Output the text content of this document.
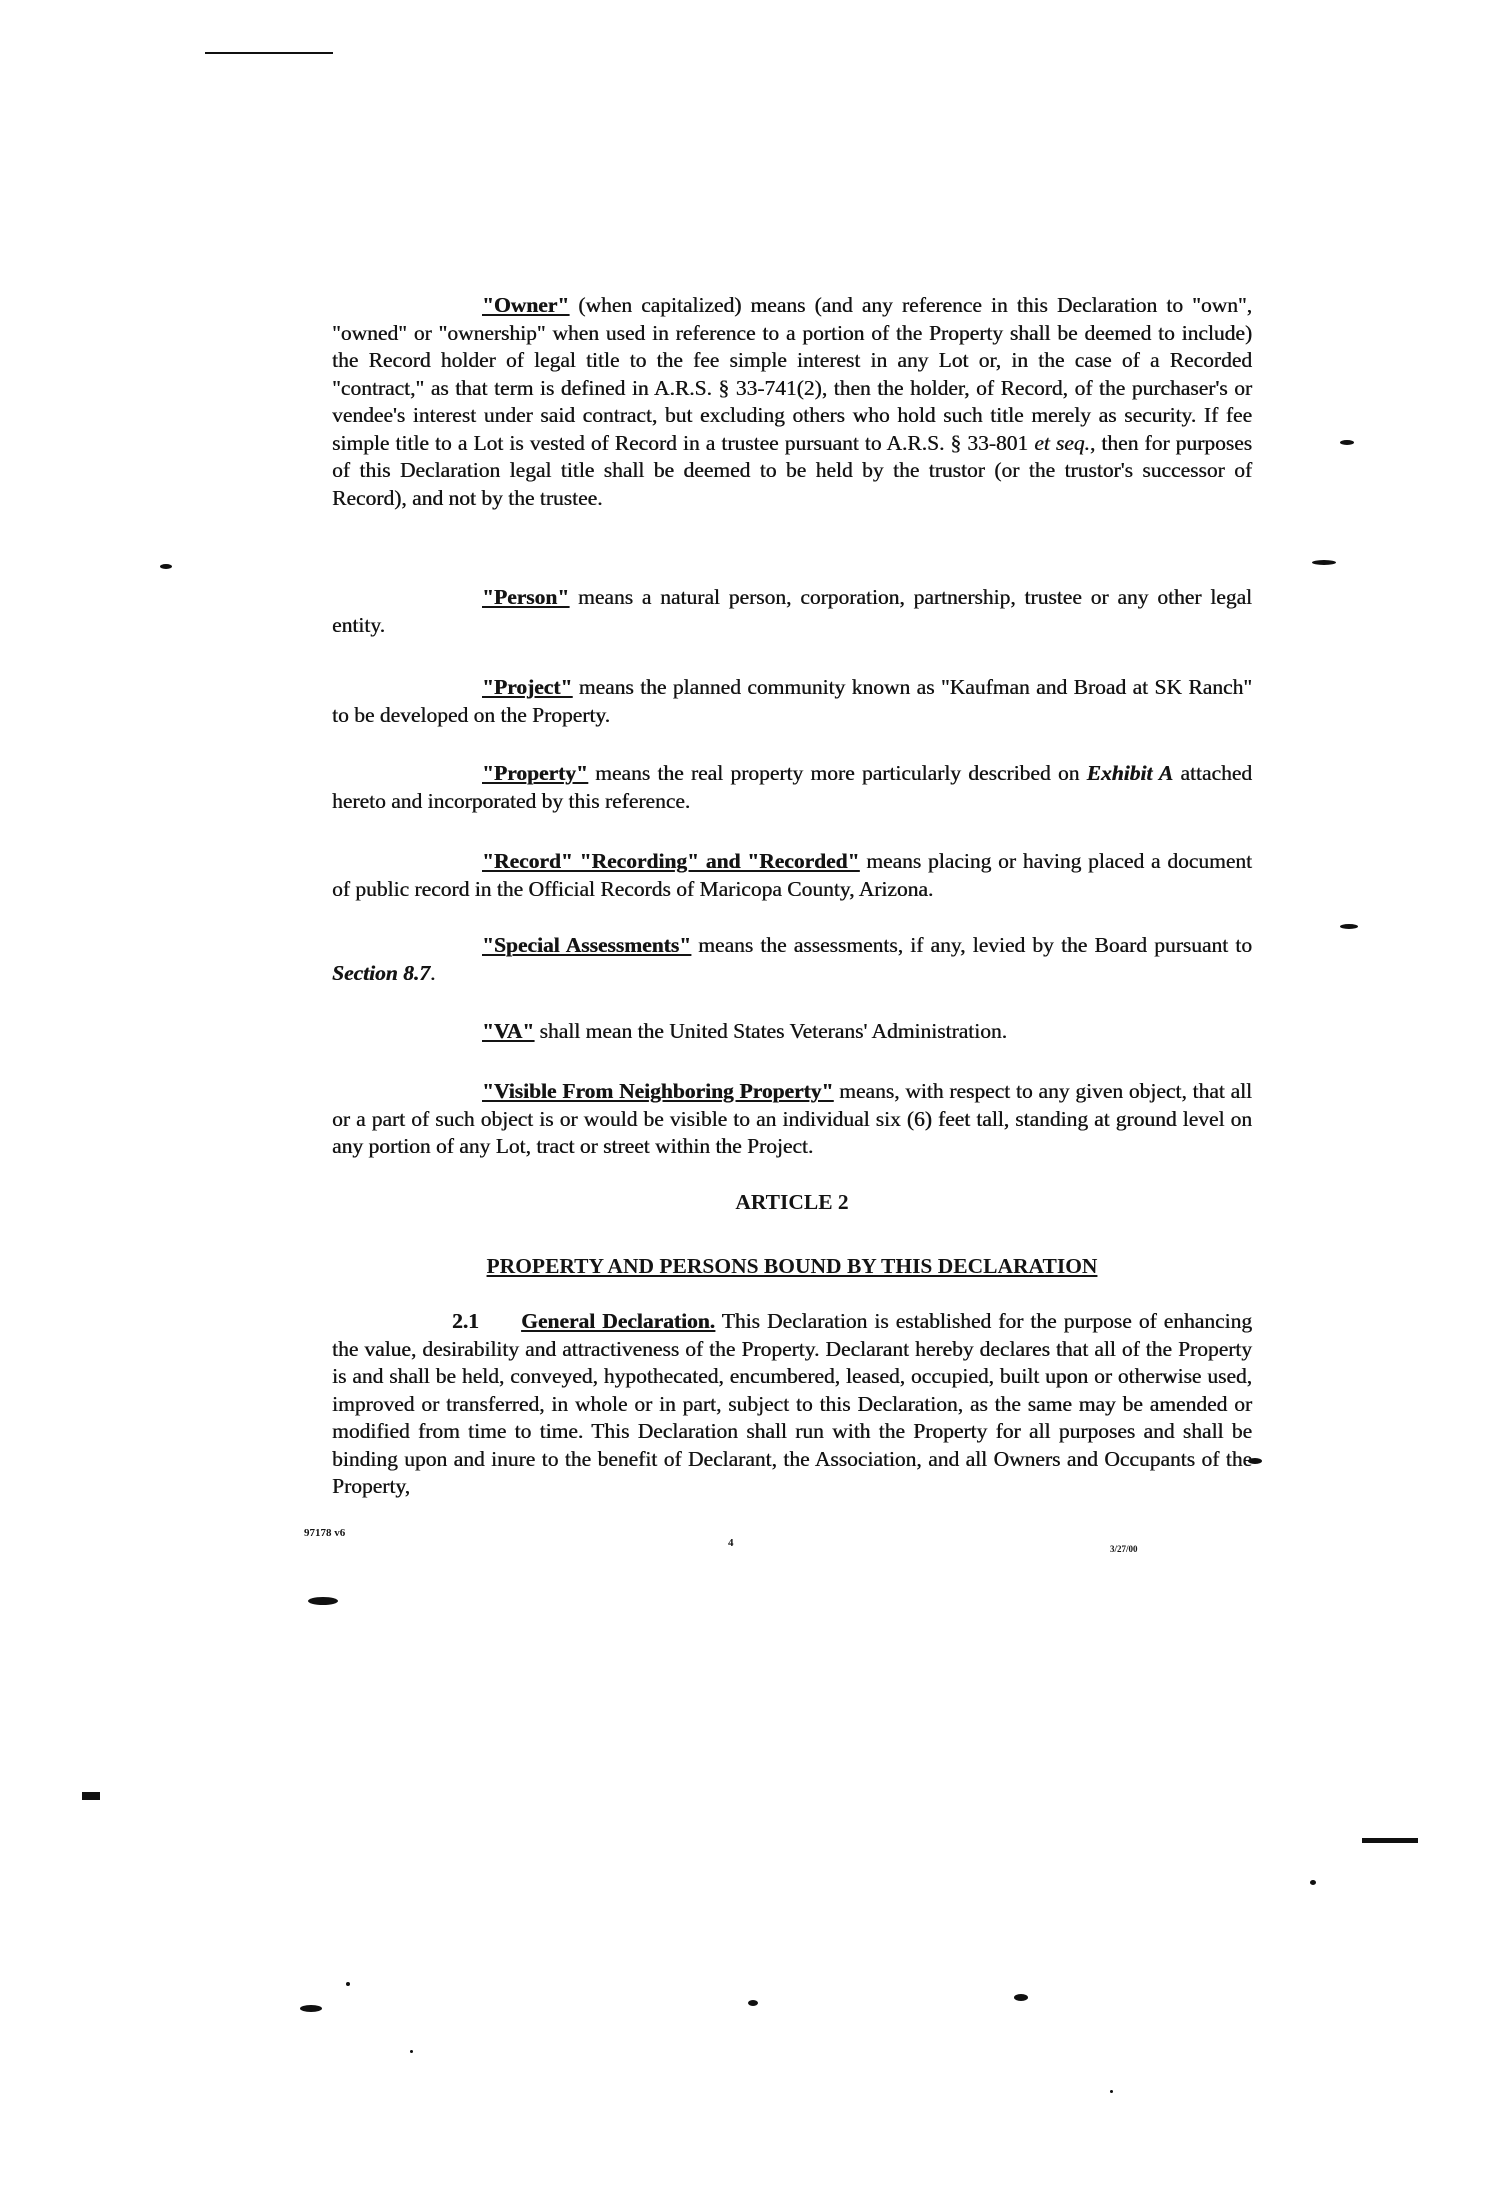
"Owner" (when capitalized) means (and any reference in this Declaration to "own", "owned" or "ownership" when used in reference to a portion of the Property shall be deemed to include) the Record holder of legal title to the fee simple interest in any Lot or, in the case of a Recorded "contract," as that term is defined in A.R.S. § 33-741(2), then the holder, of Record, of the purchaser's or vendee's interest under said contract, but excluding others who hold such title merely as security. If fee simple title to a Lot is vested of Record in a trustee pursuant to A.R.S. § 33-801 et seq., then for purposes of this Declaration legal title shall be deemed to be held by the trustor (or the trustor's successor of Record), and not by the trustee.

"Person" means a natural person, corporation, partnership, trustee or any other legal entity.

"Project" means the planned community known as "Kaufman and Broad at SK Ranch" to be developed on the Property.

"Property" means the real property more particularly described on Exhibit A attached hereto and incorporated by this reference.

"Record" "Recording" and "Recorded" means placing or having placed a document of public record in the Official Records of Maricopa County, Arizona.

"Special Assessments" means the assessments, if any, levied by the Board pursuant to Section 8.7.

"VA" shall mean the United States Veterans' Administration.

"Visible From Neighboring Property" means, with respect to any given object, that all or a part of such object is or would be visible to an individual six (6) feet tall, standing at ground level on any portion of any Lot, tract or street within the Project.

ARTICLE 2
PROPERTY AND PERSONS BOUND BY THIS DECLARATION

2.1 General Declaration. This Declaration is established for the purpose of enhancing the value, desirability and attractiveness of the Property. Declarant hereby declares that all of the Property is and shall be held, conveyed, hypothecated, encumbered, leased, occupied, built upon or otherwise used, improved or transferred, in whole or in part, subject to this Declaration, as the same may be amended or modified from time to time. This Declaration shall run with the Property for all purposes and shall be binding upon and inure to the benefit of Declarant, the Association, and all Owners and Occupants of the Property,

97178 v6
4	3/27/00
